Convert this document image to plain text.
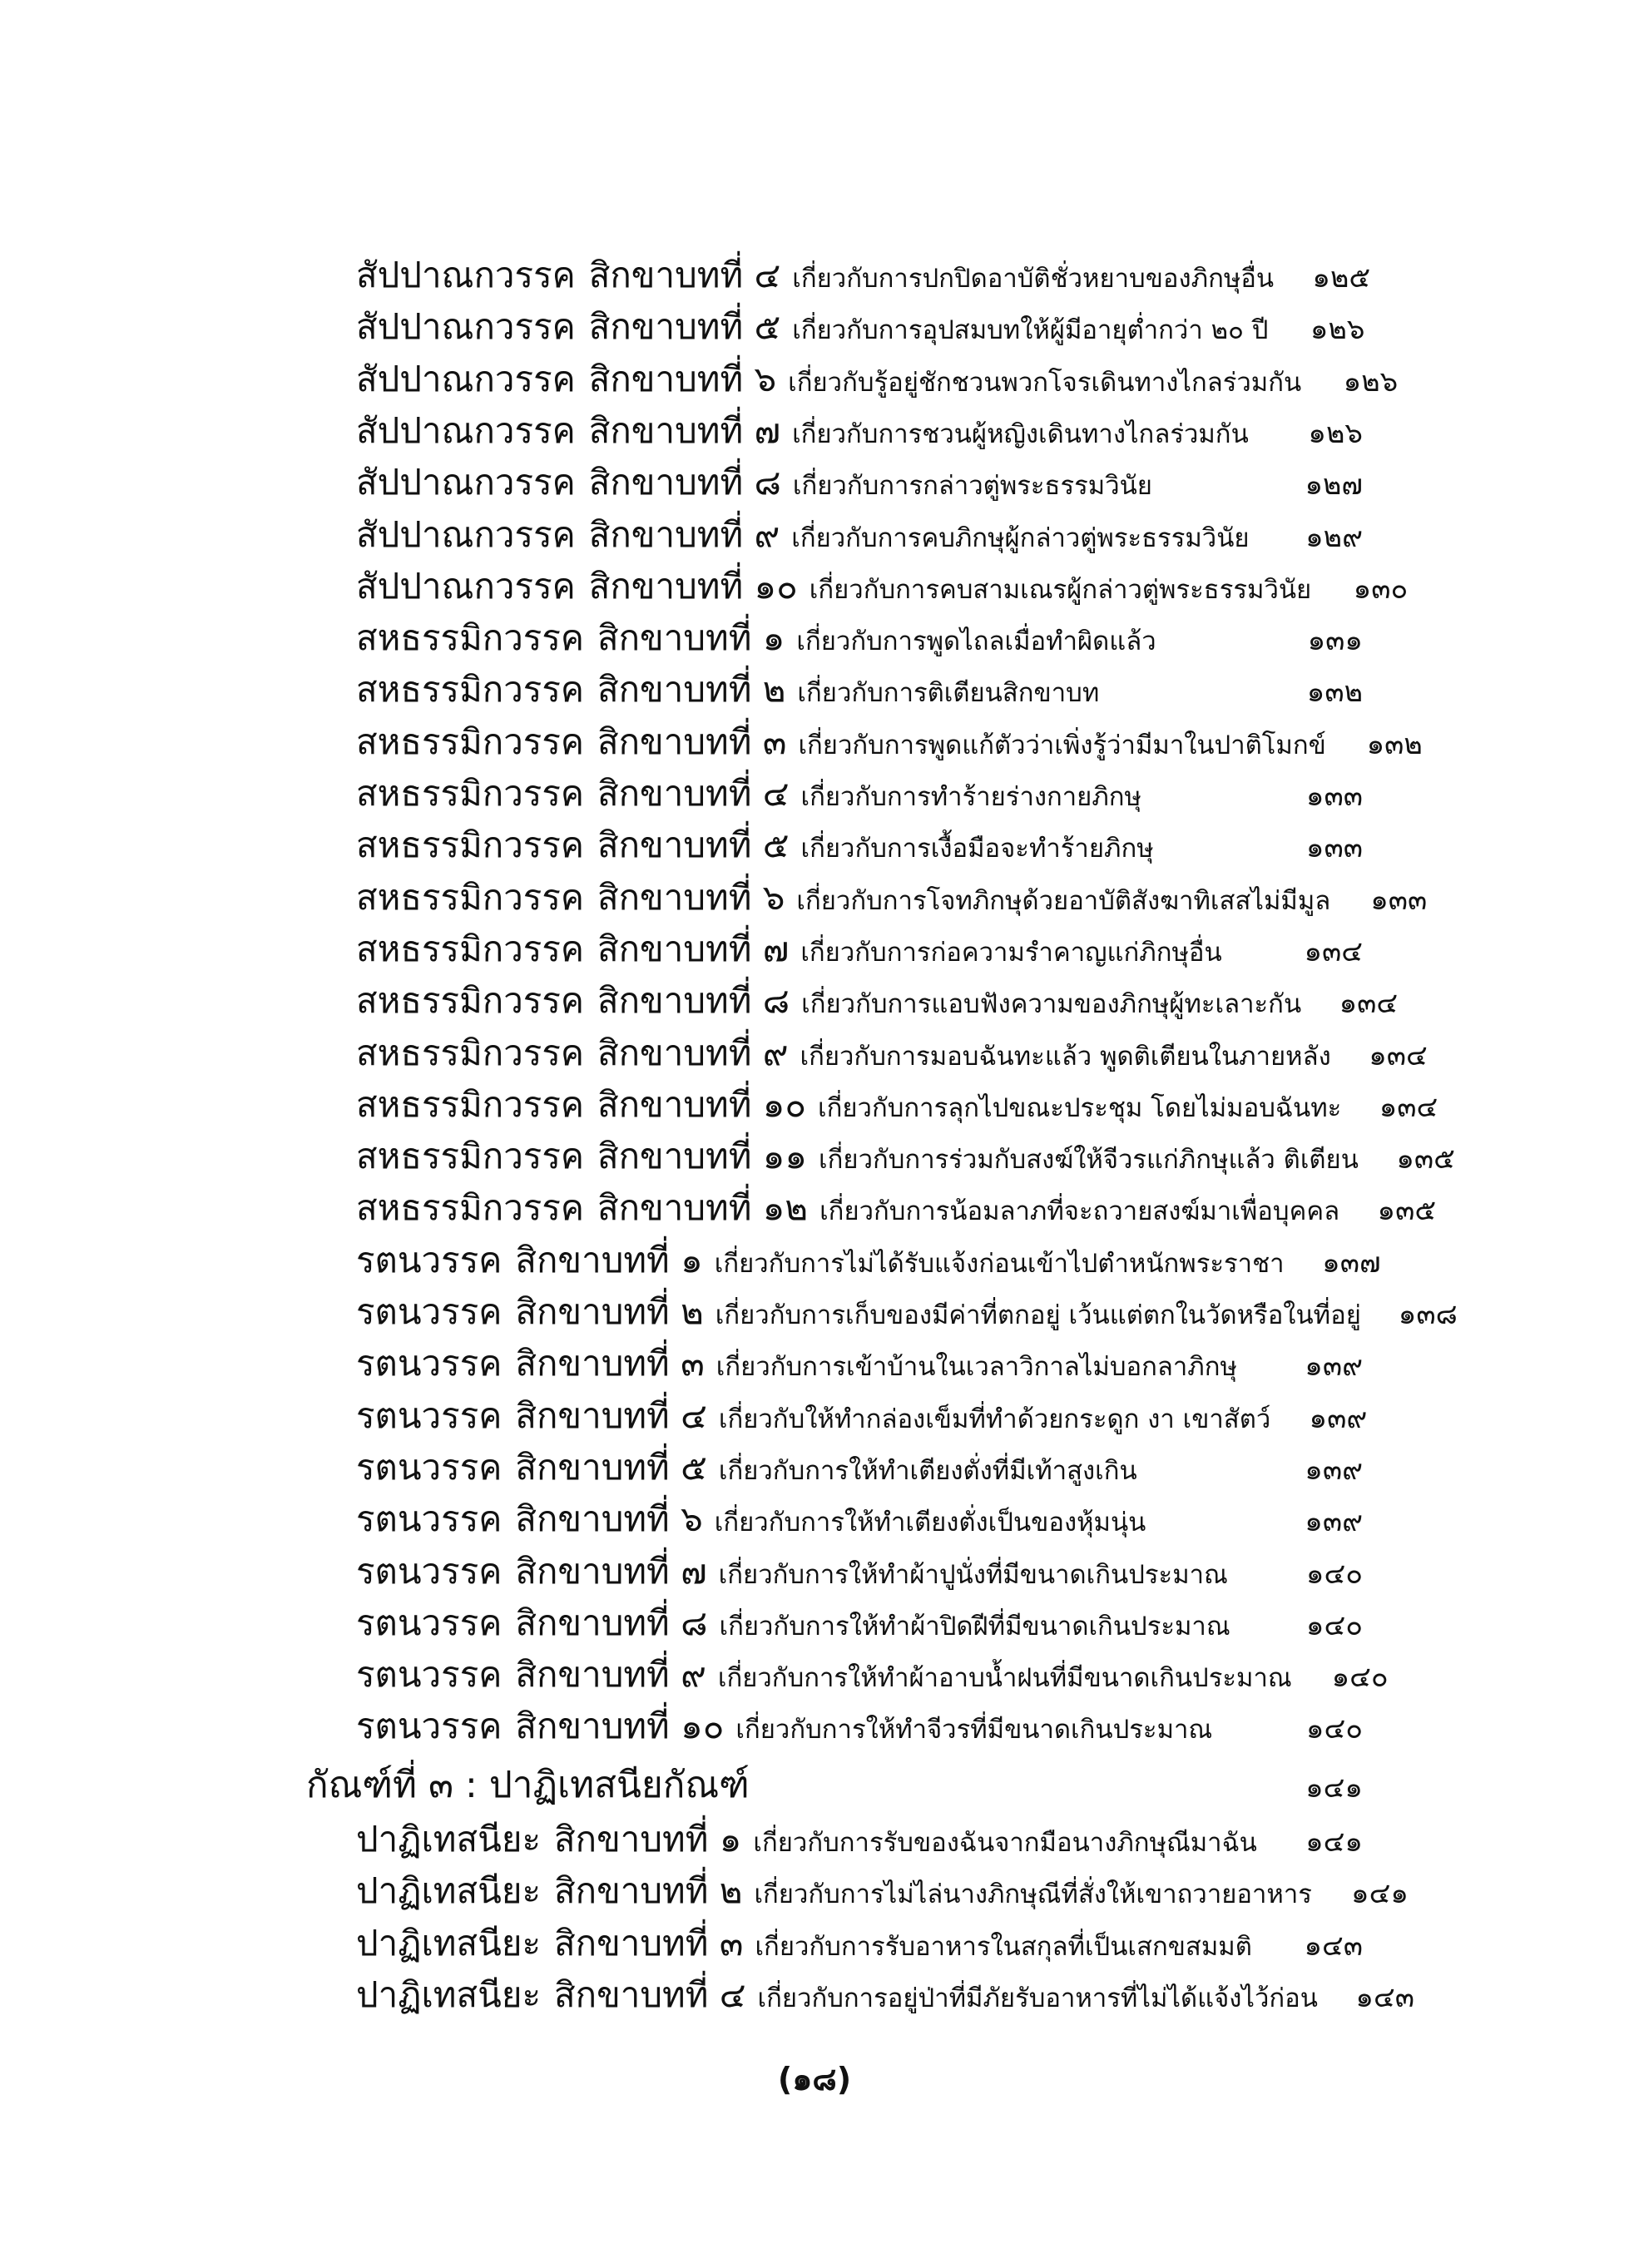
สัปปาณกวรรค สิกขาบทที่ ๔ เกี่ยวกับการปกปิดอาบัติชั่วหยาบของภิกษุอื่น	๑๒๕
สัปปาณกวรรค สิกขาบทที่ ๕ เกี่ยวกับการอุปสมบทให้ผู้มีอายุต่ำกว่า ๒๐ ปี	๑๒๖
สัปปาณกวรรค สิกขาบทที่ ๖ เกี่ยวกับรู้อยู่ชักชวนพวกโจรเดินทางไกลร่วมกัน	๑๒๖
สัปปาณกวรรค สิกขาบทที่ ๗ เกี่ยวกับการชวนผู้หญิงเดินทางไกลร่วมกัน	๑๒๖
สัปปาณกวรรค สิกขาบทที่ ๘ เกี่ยวกับการกล่าวตู่พระธรรมวินัย	๑๒๗
สัปปาณกวรรค สิกขาบทที่ ๙ เกี่ยวกับการคบภิกษุผู้กล่าวตู่พระธรรมวินัย	๑๒๙
สัปปาณกวรรค สิกขาบทที่ ๑๐ เกี่ยวกับการคบสามเณรผู้กล่าวตู่พระธรรมวินัย	๑๓๐
สหธรรมิกวรรค สิกขาบทที่ ๑ เกี่ยวกับการพูดไถลเมื่อทำผิดแล้ว	๑๓๑
สหธรรมิกวรรค สิกขาบทที่ ๒ เกี่ยวกับการติเตียนสิกขาบท	๑๓๒
สหธรรมิกวรรค สิกขาบทที่ ๓ เกี่ยวกับการพูดแก้ตัวว่าเพิ่งรู้ว่ามีมาในปาติโมกข์	๑๓๒
สหธรรมิกวรรค สิกขาบทที่ ๔ เกี่ยวกับการทำร้ายร่างกายภิกษุ	๑๓๓
สหธรรมิกวรรค สิกขาบทที่ ๕ เกี่ยวกับการเงื้อมือจะทำร้ายภิกษุ	๑๓๓
สหธรรมิกวรรค สิกขาบทที่ ๖ เกี่ยวกับการโจทภิกษุด้วยอาบัติสังฆาทิเสสไม่มีมูล	๑๓๓
สหธรรมิกวรรค สิกขาบทที่ ๗ เกี่ยวกับการก่อความรำคาญแก่ภิกษุอื่น	๑๓๔
สหธรรมิกวรรค สิกขาบทที่ ๘ เกี่ยวกับการแอบฟังความของภิกษุผู้ทะเลาะกัน	๑๓๔
สหธรรมิกวรรค สิกขาบทที่ ๙ เกี่ยวกับการมอบฉันทะแล้ว พูดติเตียนในภายหลัง	๑๓๔
สหธรรมิกวรรค สิกขาบทที่ ๑๐ เกี่ยวกับการลุกไปขณะประชุม โดยไม่มอบฉันทะ	๑๓๔
สหธรรมิกวรรค สิกขาบทที่ ๑๑ เกี่ยวกับการร่วมกับสงฆ์ให้จีวรแก่ภิกษุแล้ว ติเตียน	๑๓๕
สหธรรมิกวรรค สิกขาบทที่ ๑๒ เกี่ยวกับการน้อมลาภที่จะถวายสงฆ์มาเพื่อบุคคล	๑๓๕
รตนวรรค สิกขาบทที่ ๑ เกี่ยวกับการไม่ได้รับแจ้งก่อนเข้าไปตำหนักพระราชา	๑๓๗
รตนวรรค สิกขาบทที่ ๒ เกี่ยวกับการเก็บของมีค่าที่ตกอยู่ เว้นแต่ตกในวัดหรือในที่อยู่	๑๓๘
รตนวรรค สิกขาบทที่ ๓ เกี่ยวกับการเข้าบ้านในเวลาวิกาลไม่บอกลาภิกษุ	๑๓๙
รตนวรรค สิกขาบทที่ ๔ เกี่ยวกับให้ทำกล่องเข็มที่ทำด้วยกระดูก งา เขาสัตว์	๑๓๙
รตนวรรค สิกขาบทที่ ๕ เกี่ยวกับการให้ทำเตียงตั่งที่มีเท้าสูงเกิน	๑๓๙
รตนวรรค สิกขาบทที่ ๖ เกี่ยวกับการให้ทำเตียงตั่งเป็นของหุ้มนุ่น	๑๓๙
รตนวรรค สิกขาบทที่ ๗ เกี่ยวกับการให้ทำผ้าปูนั่งที่มีขนาดเกินประมาณ	๑๔๐
รตนวรรค สิกขาบทที่ ๘ เกี่ยวกับการให้ทำผ้าปิดฝีที่มีขนาดเกินประมาณ	๑๔๐
รตนวรรค สิกขาบทที่ ๙ เกี่ยวกับการให้ทำผ้าอาบน้ำฝนที่มีขนาดเกินประมาณ	๑๔๐
รตนวรรค สิกขาบทที่ ๑๐ เกี่ยวกับการให้ทำจีวรที่มีขนาดเกินประมาณ	๑๔๐
กัณฑ์ที่ ๓ : ปาฏิเทสนียกัณฑ์	๑๔๑
ปาฏิเทสนียะ สิกขาบทที่ ๑ เกี่ยวกับการรับของฉันจากมือนางภิกษุณีมาฉัน	๑๔๑
ปาฏิเทสนียะ สิกขาบทที่ ๒ เกี่ยวกับการไม่ไล่นางภิกษุณีที่สั่งให้เขาถวายอาหาร	๑๔๑
ปาฏิเทสนียะ สิกขาบทที่ ๓ เกี่ยวกับการรับอาหารในสกุลที่เป็นเสกขสมมติ	๑๔๓
ปาฏิเทสนียะ สิกขาบทที่ ๔ เกี่ยวกับการอยู่ป่าที่มีภัยรับอาหารที่ไม่ได้แจ้งไว้ก่อน	๑๔๓
(๑๘)
